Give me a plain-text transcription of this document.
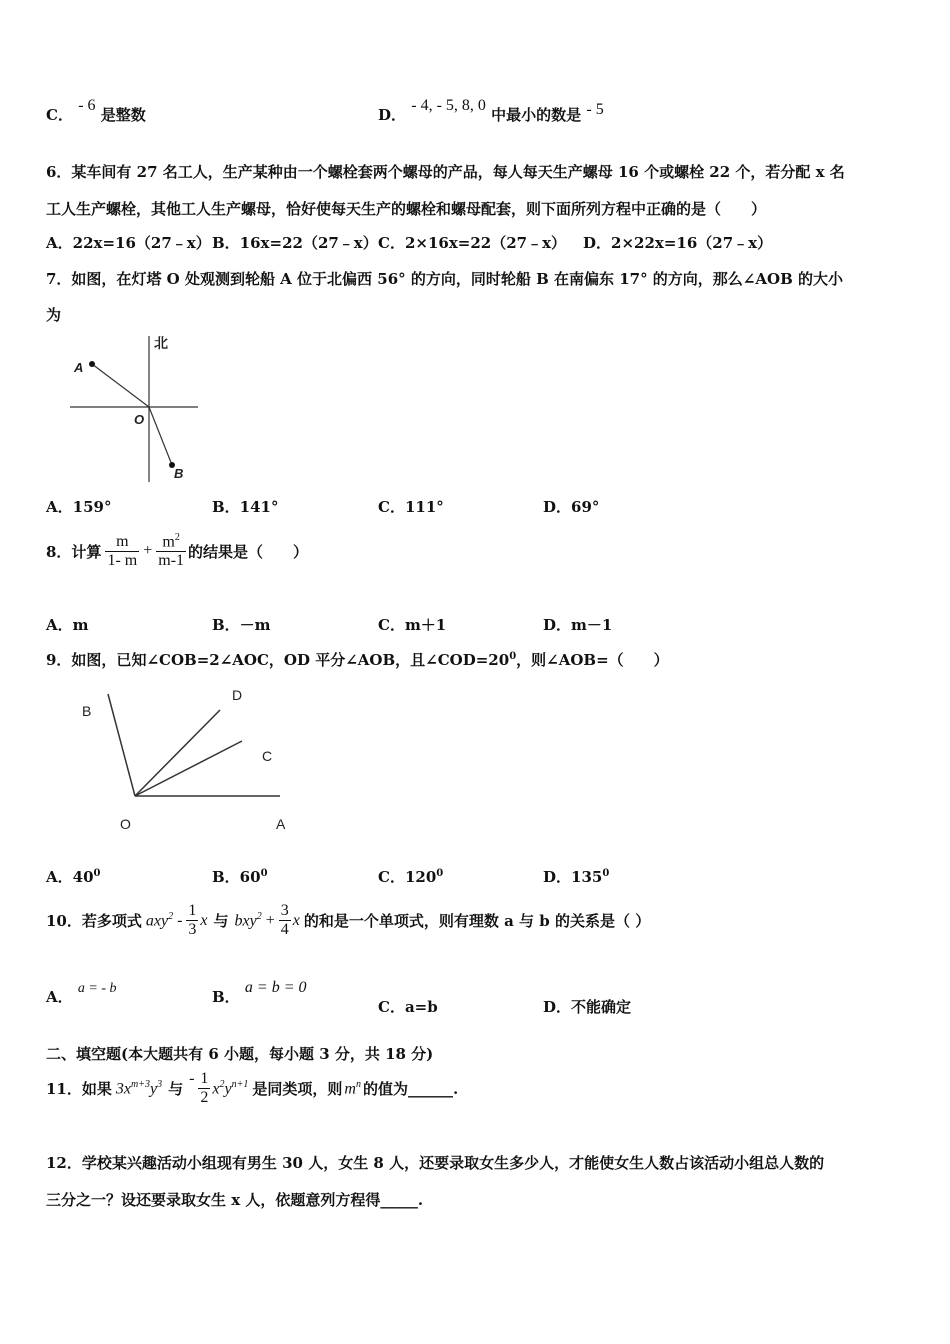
C． - 6 是整数	D． - 4, - 5, 8, 0 中最小的数是 - 5
6．某车间有 27 名工人，生产某种由一个螺栓套两个螺母的产品，每人每天生产螺母 16 个或螺栓 22 个，若分配 x 名
工人生产螺栓，其他工人生产螺母，恰好使每天生产的螺栓和螺母配套，则下面所列方程中正确的是（　　）
A．22x=16（27﹣x） B．16x=22（27﹣x） C．2×16x=22（27﹣x） D．2×22x=16（27﹣x）
7．如图，在灯塔 O 处观测到轮船 A 位于北偏西 56° 的方向，同时轮船 B 在南偏东 17° 的方向，那么∠AOB 的大小
为
北
A
O
B
A．159°	B．141°	C．111°	D．69°
8．计算 $\frac{m}{1- m} + \frac{m^2}{m-1}$ 的结果是（　　）
A．m	B．－m	C．m＋1	D．m－1
9．如图，已知∠COB=2∠AOC，OD 平分∠AOB，且$\angle COD=20^0$，则∠AOB=（　　）
B
D
C
O	A
A．$40^0$	B．$60^0$	C．$120^0$	D．$135^0$
10．若多项式 $axy^2 - \frac{1}{3}$ x 与 $bxy^2 + \frac{3}{4}$ x 的和是一个单项式，则有理数 a 与 b 的关系是（ ）
A． a = - b	B． a = b = 0
C．a=b	D．不能确定
二、填空题(本大题共有 6 小题，每小题 3 分，共 18 分)
11．如果 $3x^{m+3}y^3$ 与
- $\frac{1}{2} x^2y^{n+1}$ 是同类项，则 $m^n$ 的值为______.
12．学校某兴趣活动小组现有男生 30 人，女生 8 人，还要录取女生多少人，才能使女生人数占该活动小组总人数的
三分之一？设还要录取女生 x 人，依题意列方程得_____.
